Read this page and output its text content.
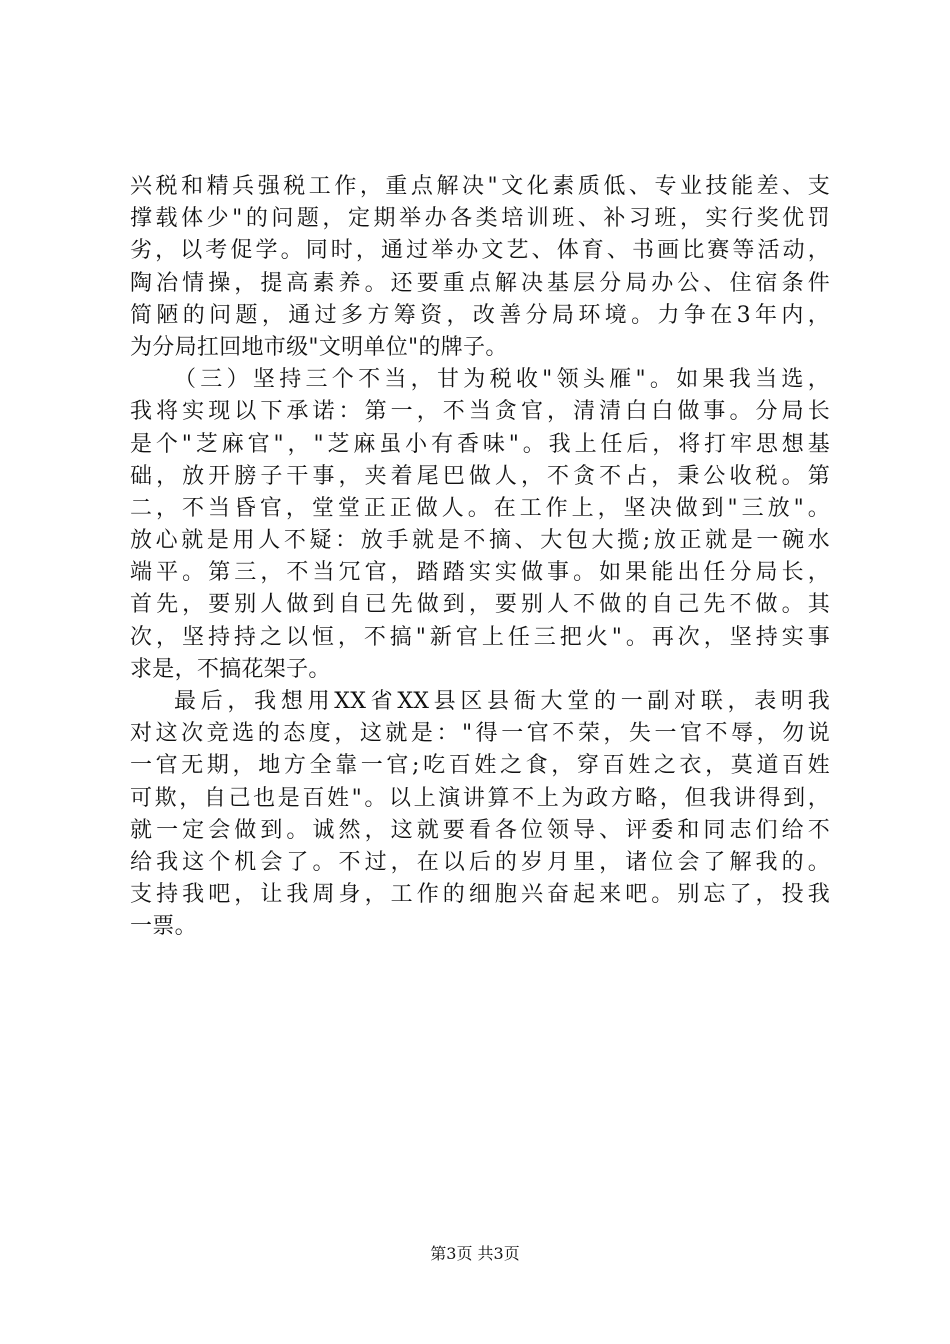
兴税和精兵强税工作，重点解决"文化素质低、专业技能差、支
撑载体少"的问题，定期举办各类培训班、补习班，实行奖优罚
劣，以考促学。同时，通过举办文艺、体育、书画比赛等活动，
陶冶情操，提高素养。还要重点解决基层分局办公、住宿条件
简陋的问题，通过多方筹资，改善分局环境。力争在3年内，
为分局扛回地市级"文明单位"的牌子。
（三）坚持三个不当，甘为税收"领头雁"。如果我当选，
我将实现以下承诺：第一，不当贪官，清清白白做事。分局长
是个"芝麻官"，"芝麻虽小有香味"。我上任后，将打牢思想基
础，放开膀子干事，夹着尾巴做人，不贪不占，秉公收税。第
二，不当昏官，堂堂正正做人。在工作上，坚决做到"三放"。
放心就是用人不疑：放手就是不摘、大包大揽;放正就是一碗水
端平。第三，不当冗官，踏踏实实做事。如果能出任分局长，
首先，要别人做到自已先做到，要别人不做的自己先不做。其
次，坚持持之以恒，不搞"新官上任三把火"。再次，坚持实事
求是，不搞花架子。
最后，我想用XX省XX县区县衙大堂的一副对联，表明我
对这次竞选的态度，这就是："得一官不荣，失一官不辱，勿说
一官无期，地方全靠一官;吃百姓之食，穿百姓之衣，莫道百姓
可欺，自己也是百姓"。以上演讲算不上为政方略，但我讲得到，
就一定会做到。诚然，这就要看各位领导、评委和同志们给不
给我这个机会了。不过，在以后的岁月里，诸位会了解我的。
支持我吧，让我周身，工作的细胞兴奋起来吧。别忘了，投我
一票。
第3页 共3页
